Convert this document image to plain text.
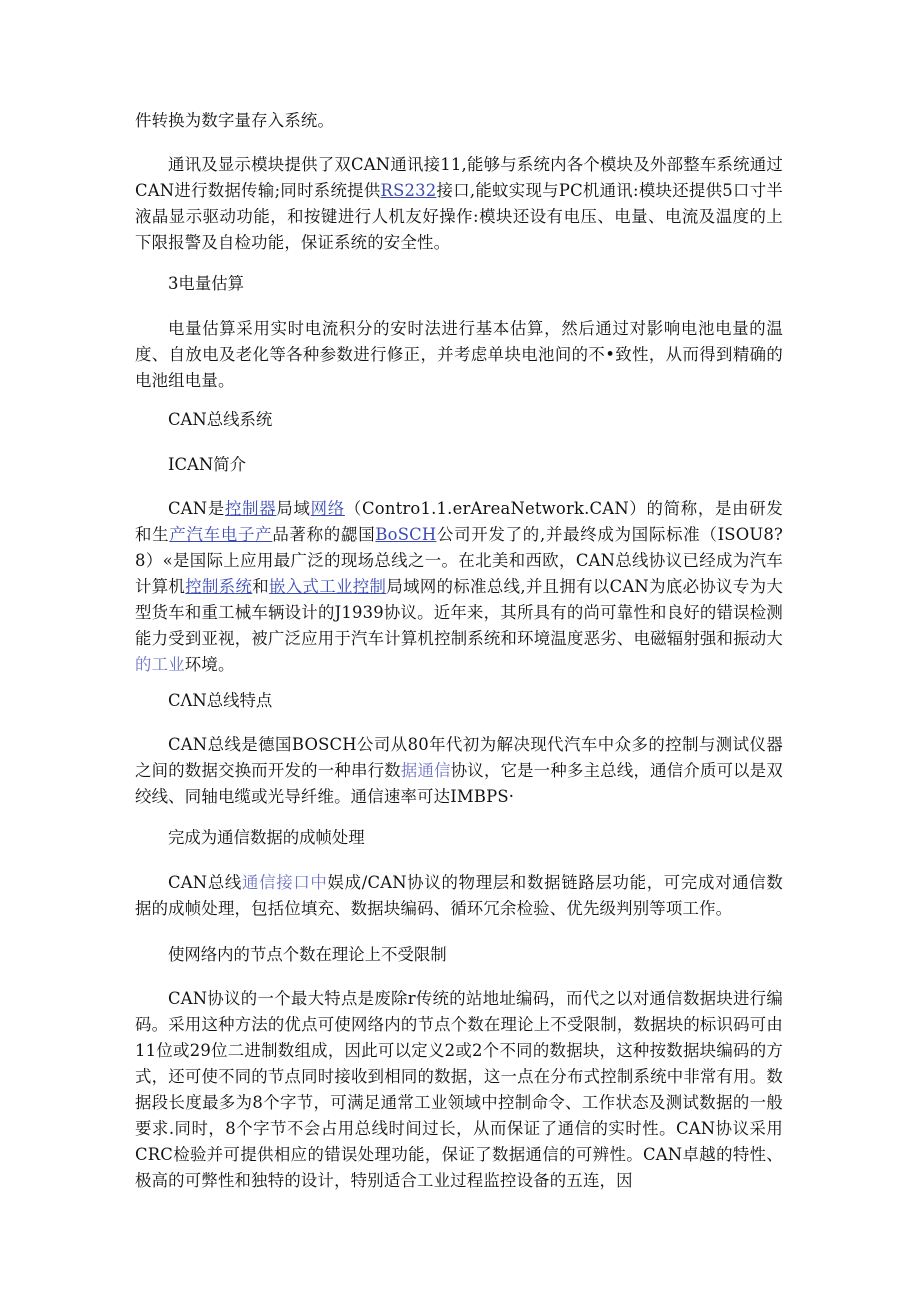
件转换为数字量存入系统。

通讯及显示模块提供了双CAN通讯接11,能够与系统内各个模块及外部整车系统通过CAN进行数据传输;同时系统提供RS232接口,能蚊实现与PC机通讯:模块还提供5口寸半液晶显示驱动功能，和按键进行人机友好操作:模块还设有电压、电量、电流及温度的上下限报警及自检功能，保证系统的安全性。

3电量估算

电量估算采用实时电流积分的安时法进行基本估算，然后通过对影响电池电量的温度、自放电及老化等各种参数进行修正，并考虑单块电池间的不•致性，从而得到精确的电池组电量。

CAN总线系统
ICAN简介

CAN是控制器局域网络（Contro1.1.erAreaNetwork.CAN）的简称，是由研发和生产汽车电子产品著称的勰国BoSCH公司开发了的,并最终成为国际标准（ISOU8?8）«是国际上应用最广泛的现场总线之一。在北美和西欧，CAN总线协议已经成为汽车计算机控制系统和嵌入式工业控制局域网的标准总线,并且拥有以CAN为底必协议专为大型货车和重工械车辆设计的J1939协议。近年来，其所具有的尚可靠性和良好的错误检测能力受到亚视，被广泛应用于汽车计算机控制系统和环境温度恶劣、电磁辐射强和振动大的工业环境。

CΛN总线特点

CAN总线是德国BOSCH公司从80年代初为解决现代汽车中众多的控制与测试仪器之间的数据交换而开发的一种串行数据通信协议，它是一种多主总线，通信介质可以是双绞线、同轴电缆或光导纤维。通信速率可达IMBPS·

完成为通信数据的成帧处理

CAN总线通信接口中娱成/CAN协议的物理层和数据链路层功能，可完成对通信数据的成帧处理，包括位填充、数据块编码、循环冗余检验、优先级判别等项工作。

使网络内的节点个数在理论上不受限制

CAN协议的一个最大特点是废除r传统的站地址编码，而代之以对通信数据块进行编码。采用这种方法的优点可使网络内的节点个数在理论上不受限制，数据块的标识码可由11位或29位二进制数组成，因此可以定义2或2个不同的数据块，这种按数据块编码的方式，还可使不同的节点同时接收到相同的数据，这一点在分布式控制系统中非常有用。数据段长度最多为8个字节，可满足通常工业领域中控制命令、工作状态及测试数据的一般要求.同时，8个字节不会占用总线时间过长，从而保证了通信的实时性。CAN协议采用CRC检验并可提供相应的错误处理功能，保证了数据通信的可辨性。CAN卓越的特性、极高的可弊性和独特的设计，特别适合工业过程监控设备的五连，因
